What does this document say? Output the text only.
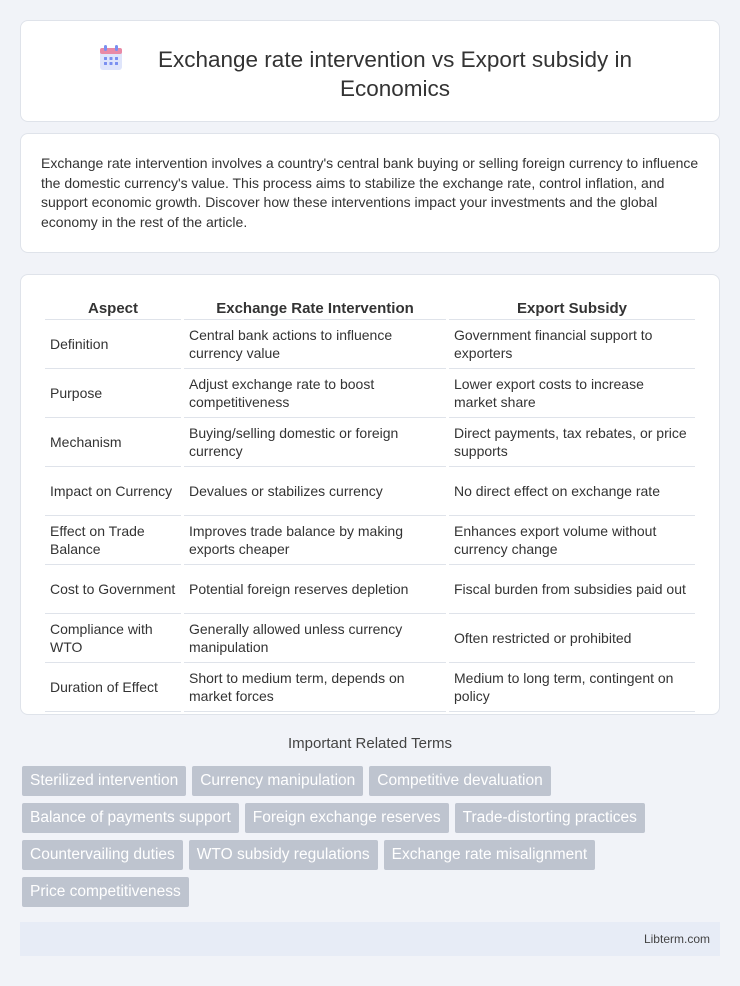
Exchange rate intervention vs Export subsidy in Economics

Exchange rate intervention involves a country's central bank buying or selling foreign currency to influence the domestic currency's value. This process aims to stabilize the exchange rate, control inflation, and support economic growth. Discover how these interventions impact your investments and the global economy in the rest of the article.

Aspect	Exchange Rate Intervention	Export Subsidy
Definition	Central bank actions to influence currency value	Government financial support to exporters
Purpose	Adjust exchange rate to boost competitiveness	Lower export costs to increase market share
Mechanism	Buying/selling domestic or foreign currency	Direct payments, tax rebates, or price supports
Impact on Currency	Devalues or stabilizes currency	No direct effect on exchange rate
Effect on Trade Balance	Improves trade balance by making exports cheaper	Enhances export volume without currency change
Cost to Government	Potential foreign reserves depletion	Fiscal burden from subsidies paid out
Compliance with WTO	Generally allowed unless currency manipulation	Often restricted or prohibited
Duration of Effect	Short to medium term, depends on market forces	Medium to long term, contingent on policy
Important Related Terms
Sterilized intervention	Currency manipulation	Competitive devaluation
Balance of payments support	Foreign exchange reserves	Trade-distorting practices
Countervailing duties	WTO subsidy regulations	Exchange rate misalignment
Price competitiveness
Libterm.com
